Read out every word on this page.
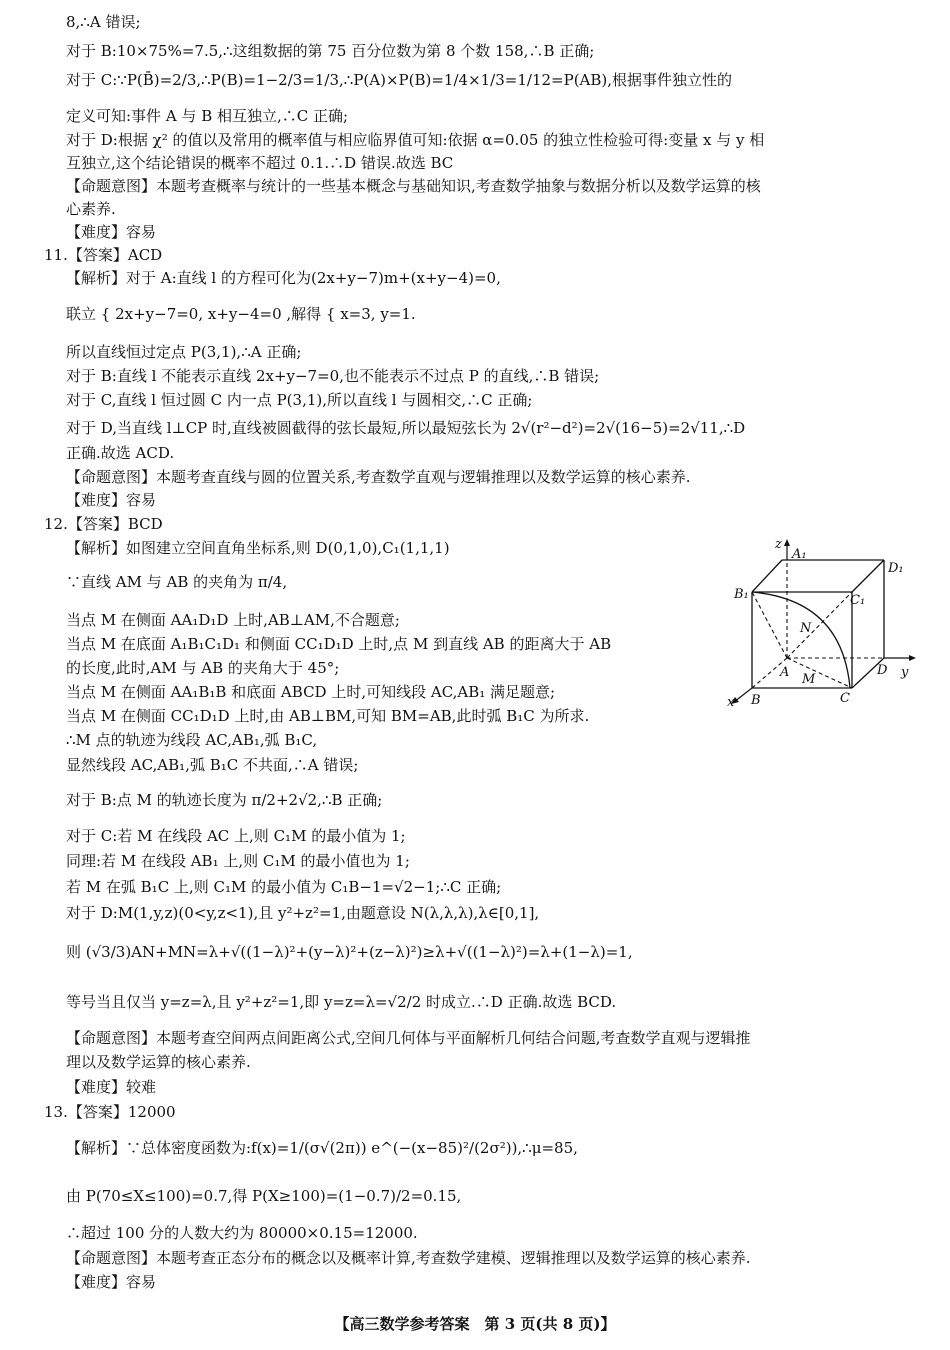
8,∴A 错误;
对于 B:10×75%=7.5,∴这组数据的第 75 百分位数为第 8 个数 158,∴B 正确;
对于 C:∵P(B̄)=2/3,∴P(B)=1−2/3=1/3,∴P(A)×P(B)=1/4×1/3=1/12=P(AB),根据事件独立性的
定义可知:事件 A 与 B 相互独立,∴C 正确;
对于 D:根据 χ² 的值以及常用的概率值与相应临界值可知:依据 α=0.05 的独立性检验可得:变量 x 与 y 相
互独立,这个结论错误的概率不超过 0.1.∴D 错误.故选 BC
【命题意图】本题考查概率与统计的一些基本概念与基础知识,考查数学抽象与数据分析以及数学运算的核
心素养.
【难度】容易
11.【答案】ACD
【解析】对于 A:直线 l 的方程可化为(2x+y−7)m+(x+y−4)=0,
联立 { 2x+y−7=0, x+y−4=0 ,解得 { x=3, y=1.
所以直线恒过定点 P(3,1),∴A 正确;
对于 B:直线 l 不能表示直线 2x+y−7=0,也不能表示不过点 P 的直线,∴B 错误;
对于 C,直线 l 恒过圆 C 内一点 P(3,1),所以直线 l 与圆相交,∴C 正确;
对于 D,当直线 l⊥CP 时,直线被圆截得的弦长最短,所以最短弦长为 2√(r²−d²)=2√(16−5)=2√11,∴D
正确.故选 ACD.
【命题意图】本题考查直线与圆的位置关系,考查数学直观与逻辑推理以及数学运算的核心素养.
【难度】容易
12.【答案】BCD
【解析】如图建立空间直角坐标系,则 D(0,1,0),C₁(1,1,1)
∵直线 AM 与 AB 的夹角为 π/4,
当点 M 在侧面 AA₁D₁D 上时,AB⊥AM,不合题意;
当点 M 在底面 A₁B₁C₁D₁ 和侧面 CC₁D₁D 上时,点 M 到直线 AB 的距离大于 AB
的长度,此时,AM 与 AB 的夹角大于 45°;
当点 M 在侧面 AA₁B₁B 和底面 ABCD 上时,可知线段 AC,AB₁ 满足题意;
当点 M 在侧面 CC₁D₁D 上时,由 AB⊥BM,可知 BM=AB,此时弧 B₁C 为所求.
∴M 点的轨迹为线段 AC,AB₁,弧 B₁C,
显然线段 AC,AB₁,弧 B₁C 不共面,∴A 错误;
对于 B:点 M 的轨迹长度为 π/2+2√2,∴B 正确;
对于 C:若 M 在线段 AC 上,则 C₁M 的最小值为 1;
同理:若 M 在线段 AB₁ 上,则 C₁M 的最小值也为 1;
若 M 在弧 B₁C 上,则 C₁M 的最小值为 C₁B−1=√2−1;∴C 正确;
对于 D:M(1,y,z)(0<y,z<1),且 y²+z²=1,由题意设 N(λ,λ,λ),λ∈[0,1],
则 (√3/3)AN+MN=λ+√((1−λ)²+(y−λ)²+(z−λ)²)≥λ+√((1−λ)²)=λ+(1−λ)=1,
等号当且仅当 y=z=λ,且 y²+z²=1,即 y=z=λ=√2/2 时成立.∴D 正确.故选 BCD.
【命题意图】本题考查空间两点间距离公式,空间几何体与平面解析几何结合问题,考查数学直观与逻辑推
理以及数学运算的核心素养.
【难度】较难
13.【答案】12000
【解析】∵总体密度函数为:f(x)=1/(σ√(2π)) e^(−(x−85)²/(2σ²)),∴μ=85,
由 P(70≤X≤100)=0.7,得 P(X≥100)=(1−0.7)/2=0.15,
∴超过 100 分的人数大约为 80000×0.15=12000.
【命题意图】本题考查正态分布的概念以及概率计算,考查数学建模、逻辑推理以及数学运算的核心素养.
【难度】容易
z
A₁
D₁
B₁	C₁
N
A	D y
M
x B	C
【高三数学参考答案　第 3 页(共 8 页)】
